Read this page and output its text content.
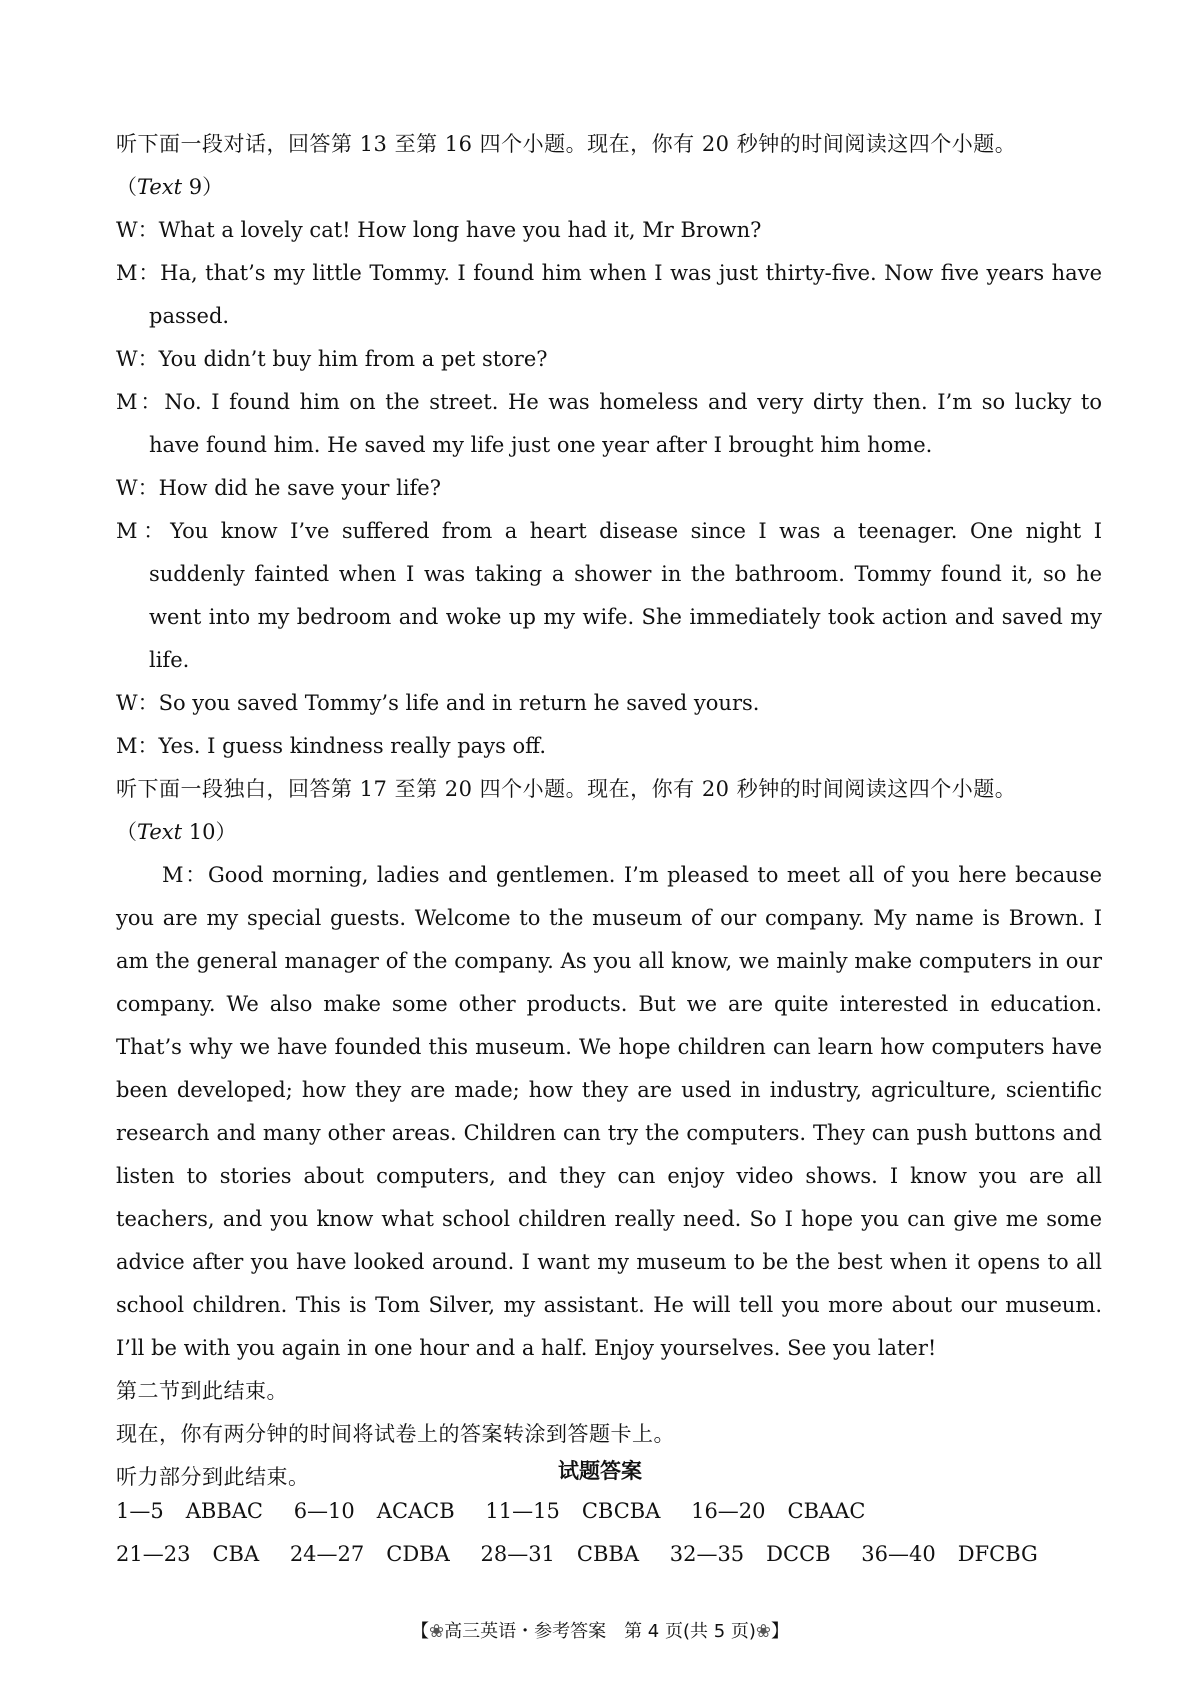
听下面一段对话，回答第 13 至第 16 四个小题。现在，你有 20 秒钟的时间阅读这四个小题。
（Text 9）
W：What a lovely cat! How long have you had it, Mr Brown?
M：Ha, that’s my little Tommy. I found him when I was just thirty-five. Now five years have passed.
W：You didn’t buy him from a pet store?
M：No. I found him on the street. He was homeless and very dirty then. I’m so lucky to have found him. He saved my life just one year after I brought him home.
W：How did he save your life?
M：You know I’ve suffered from a heart disease since I was a teenager. One night I suddenly fainted when I was taking a shower in the bathroom. Tommy found it, so he went into my bedroom and woke up my wife. She immediately took action and saved my life.
W：So you saved Tommy’s life and in return he saved yours.
M：Yes. I guess kindness really pays off.
听下面一段独白，回答第 17 至第 20 四个小题。现在，你有 20 秒钟的时间阅读这四个小题。
（Text 10）
M：Good morning, ladies and gentlemen. I’m pleased to meet all of you here because you are my special guests. Welcome to the museum of our company. My name is Brown. I am the general manager of the company. As you all know, we mainly make computers in our company. We also make some other products. But we are quite interested in education. That’s why we have founded this museum. We hope children can learn how computers have been developed; how they are made; how they are used in industry, agriculture, scientific research and many other areas. Children can try the computers. They can push buttons and listen to stories about computers, and they can enjoy video shows. I know you are all teachers, and you know what school children really need. So I hope you can give me some advice after you have looked around. I want my museum to be the best when it opens to all school children. This is Tom Silver, my assistant. He will tell you more about our museum. I’ll be with you again in one hour and a half. Enjoy yourselves. See you later!
第二节到此结束。
现在，你有两分钟的时间将试卷上的答案转涂到答题卡上。
听力部分到此结束。	试题答案
1—5 ABBAC 6—10 ACACB 11—15 CBCBA 16—20 CBAAC
21—23 CBA 24—27 CDBA 28—31 CBBA 32—35 DCCB 36—40 DFCBG
【❀高三英语・参考答案　第 4 页(共 5 页)❀】
